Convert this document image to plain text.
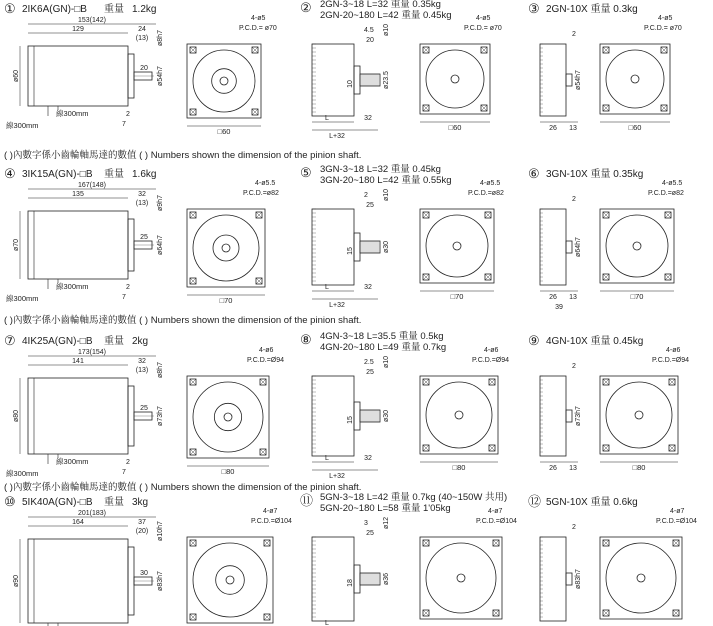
① 2IK6A(GN)-□B 重量 1.2kg	② 2GN-3~18 L=32 重量 0.35kg
2GN-20~180 L=42 重量 0.45kg	③ 2GN-10X 重量 0.3kg
153(142)
129	24
(13)
20
ø60	ø54h7
ø8h7
線300mm
線300mm	2
7
□60
4-ø5
P.C.D.= ø70	4.5
20
10	ø23.5
ø10
L	32
L+32
□60
4-ø5
P.C.D.= ø70
2
ø54h7
26 13	□60
4-ø5
P.C.D.= ø70
( )內數字係小齒輪軸馬達的數值 ( ) Numbers shown the dimension of the pinion shaft.
④ 3IK15A(GN)-□B 重量 1.6kg	⑤ 3GN-3~18 L=32 重量 0.45kg
3GN-20~180 L=42 重量 0.55kg	⑥ 3GN-10X 重量 0.35kg
167(148)
135	32
(13)
25
ø70	ø64h7
ø9h7
線300mm
線300mm	2
7	□70
4-ø5.5
P.C.D.=ø82	2
25
15	ø30
ø10
L	32
L+32
□70
4-ø5.5
P.C.D.=ø82
2
ø64h7
26 13
39
□70
4-ø5.5
P.C.D.=ø82
( )內數字係小齒輪軸馬達的數值 ( ) Numbers shown the dimension of the pinion shaft.
⑦ 4IK25A(GN)-□B 重量 2kg	⑧ 4GN-3~18 L=35.5 重量 0.5kg
4GN-20~180 L=49 重量 0.7kg	⑨ 4GN-10X 重量 0.45kg
173(154)
141	32
(13)
25
ø80	ø73h7
ø8h7
線300mm
線300mm	2
7	□80
4-ø6
P.C.D.=Ø94	2.5
25
15	ø30
ø10
L	32
L+32
□80
4-ø6
P.C.D.=Ø94
2
ø73h7
26 13	□80
4-ø6
P.C.D.=Ø94
( )內數字係小齒輪軸馬達的數值 ( ) Numbers shown the dimension of the pinion shaft.
⑩ 5IK40A(GN)-□B 重量 3kg	⑪ 5GN-3~18 L=42 重量 0.7kg (40~150W 共用)
5GN-20~180 L=58 重量 1'05kg	⑫ 5GN-10X 重量 0.6kg
201(183)
164	37
(20)
30
ø90	ø83h7
ø10h7
4-ø7
P.C.D.=Ø104	3
25
18	ø36
ø12
L
4-ø7
P.C.D.=Ø104
2
ø83h7
4-ø7
P.C.D.=Ø104
